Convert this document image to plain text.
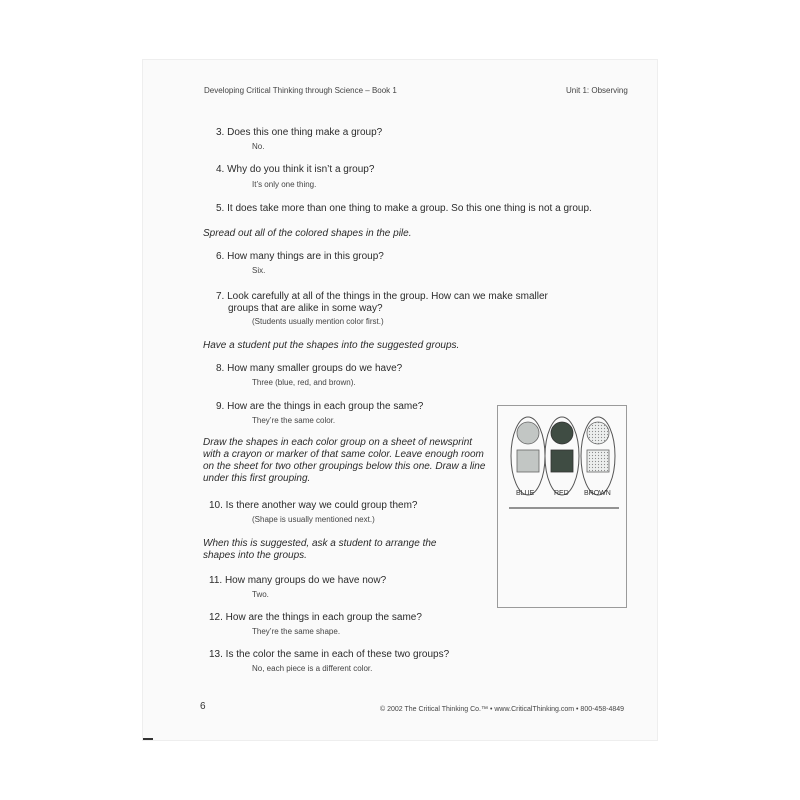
Developing Critical Thinking through Science – Book 1	Unit 1: Observing
3. Does this one thing make a group?
No.
4. Why do you think it isn’t a group?
It’s only one thing.
5. It does take more than one thing to make a group. So this one thing is not a group.
Spread out all of the colored shapes in the pile.
6. How many things are in this group?
Six.
7. Look carefully at all of the things in the group. How can we make smaller
groups that are alike in some way?
(Students usually mention color first.)
Have a student put the shapes into the suggested groups.
8. How many smaller groups do we have?
Three (blue, red, and brown).
9. How are the things in each group the same?
They’re the same color.
Draw the shapes in each color group on a sheet of newsprint
with a crayon or marker of that same color. Leave enough room
on the sheet for two other groupings below this one. Draw a line
under this first grouping.
10. Is there another way we could group them?
(Shape is usually mentioned next.)
When this is suggested, ask a student to arrange the
shapes into the groups.
11. How many groups do we have now?
Two.
12. How are the things in each group the same?
They’re the same shape.
13. Is the color the same in each of these two groups?
No, each piece is a different color.
BLUE	RED BROWN
6	© 2002 The Critical Thinking Co.™ • www.CriticalThinking.com • 800-458-4849
